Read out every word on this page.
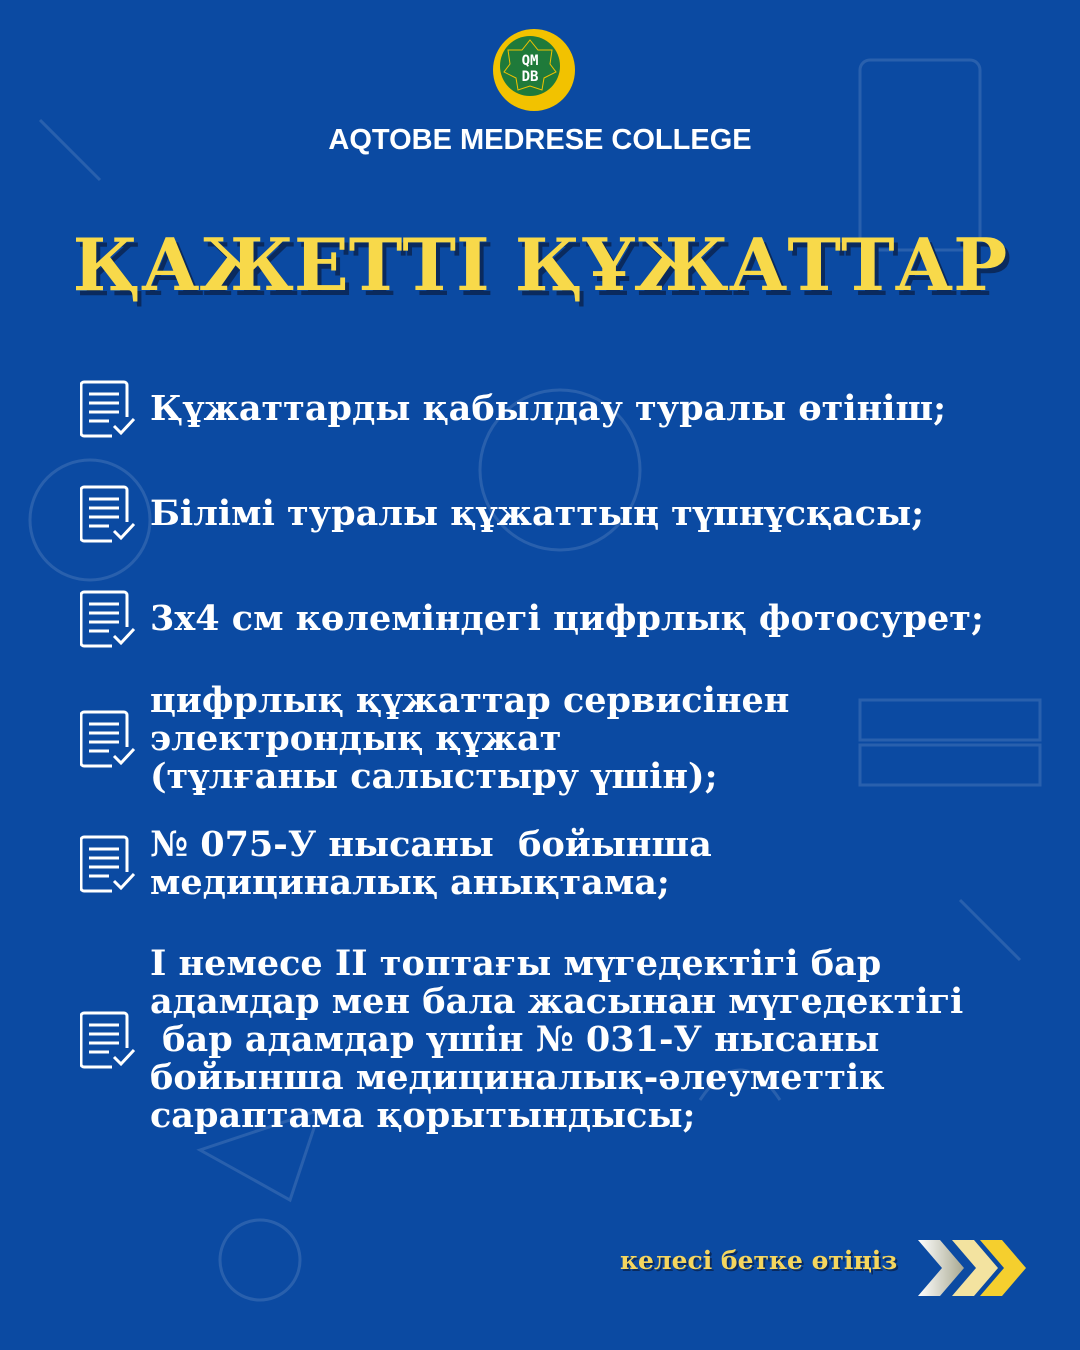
QM
DB
AQTOBE MEDRESE COLLEGE
ҚАЖЕТТІ ҚҰЖАТТАР
Құжаттарды қабылдау туралы өтініш;
Білімі туралы құжаттың түпнұсқасы;
3х4 см көлеміндегі цифрлық фотосурет;
цифрлық құжаттар сервисінен
электрондық құжат
(тұлғаны салыстыру үшін);
№ 075-У нысаны  бойынша
медициналық анықтама;
І немесе ІІ топтағы мүгедектігі бар
адамдар мен бала жасынан мүгедектігі
бар адамдар үшін № 031-У нысаны
бойынша медициналық-әлеуметтік
сараптама қорытындысы;
келесі бетке өтіңіз
